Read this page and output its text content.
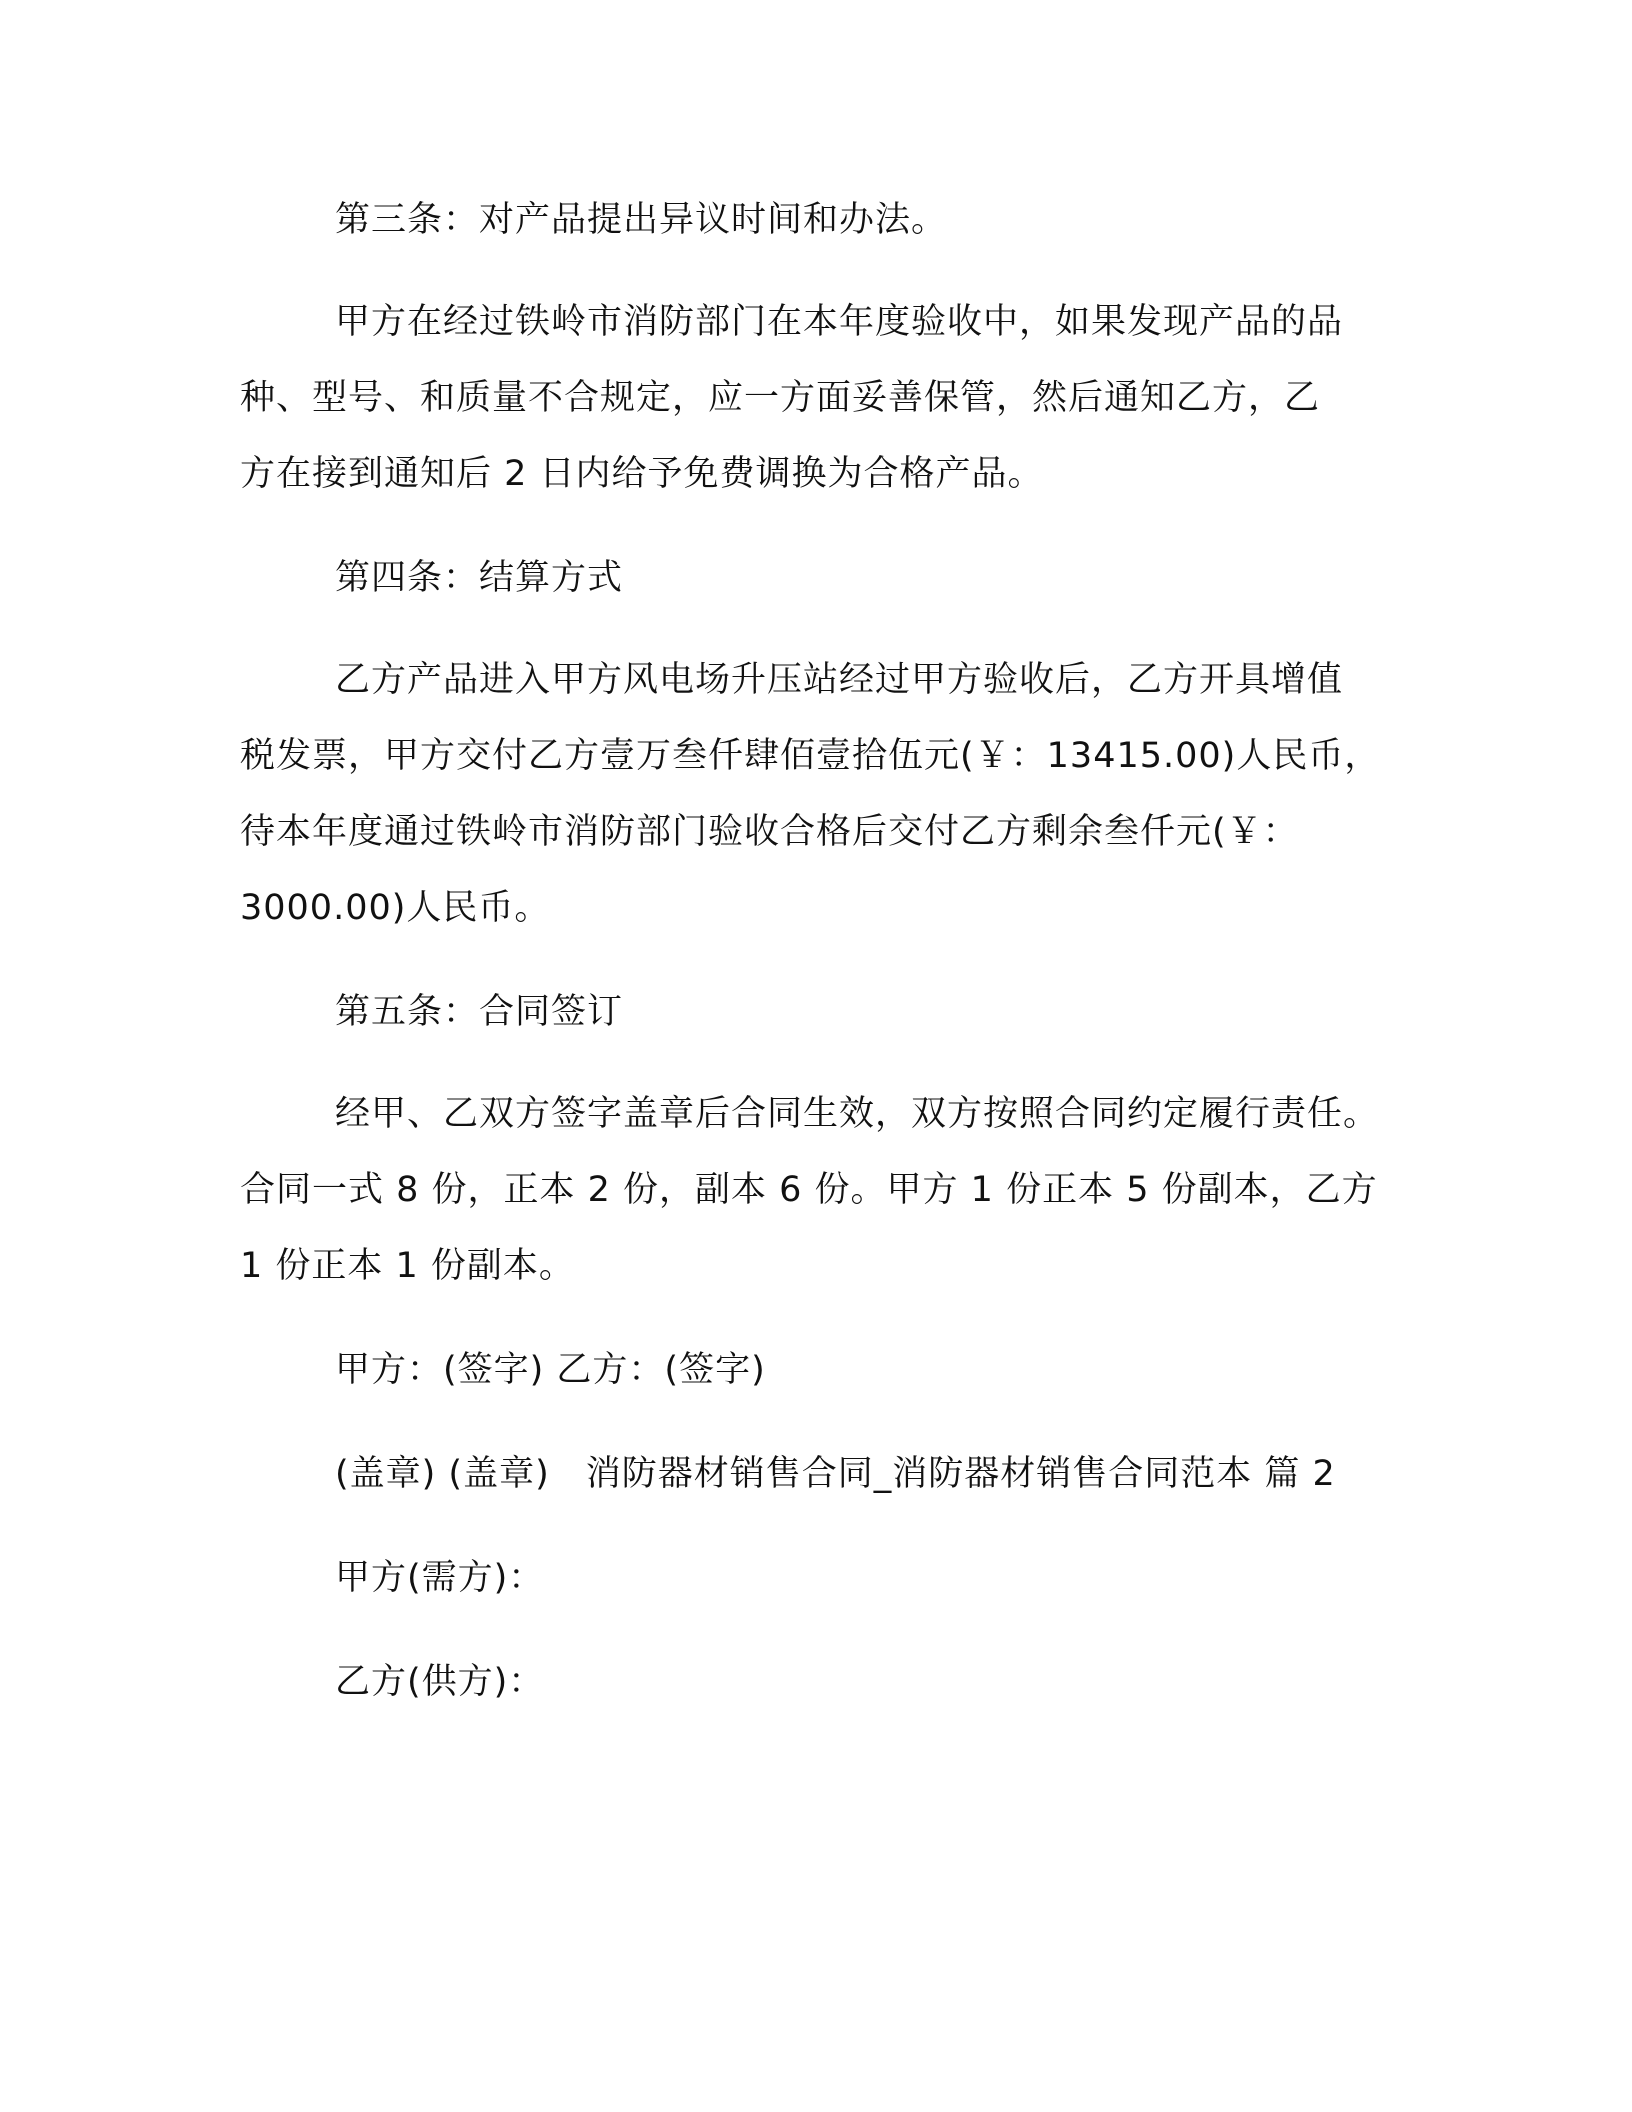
第三条：对产品提出异议时间和办法。

甲方在经过铁岭市消防部门在本年度验收中，如果发现产品的品

种、型号、和质量不合规定，应一方面妥善保管，然后通知乙方，乙

方在接到通知后 2 日内给予免费调换为合格产品。

第四条：结算方式

乙方产品进入甲方风电场升压站经过甲方验收后，乙方开具增值

税发票，甲方交付乙方壹万叁仟肆佰壹拾伍元(￥：13415.00)人民币，

待本年度通过铁岭市消防部门验收合格后交付乙方剩余叁仟元(￥：

3000.00)人民币。

第五条：合同签订

经甲、乙双方签字盖章后合同生效，双方按照合同约定履行责任。

合同一式 8 份，正本 2 份，副本 6 份。甲方 1 份正本 5 份副本，乙方

1 份正本 1 份副本。

甲方：(签字) 乙方：(签字)

(盖章) (盖章)　消防器材销售合同_消防器材销售合同范本 篇 2

甲方(需方)：

乙方(供方)：
